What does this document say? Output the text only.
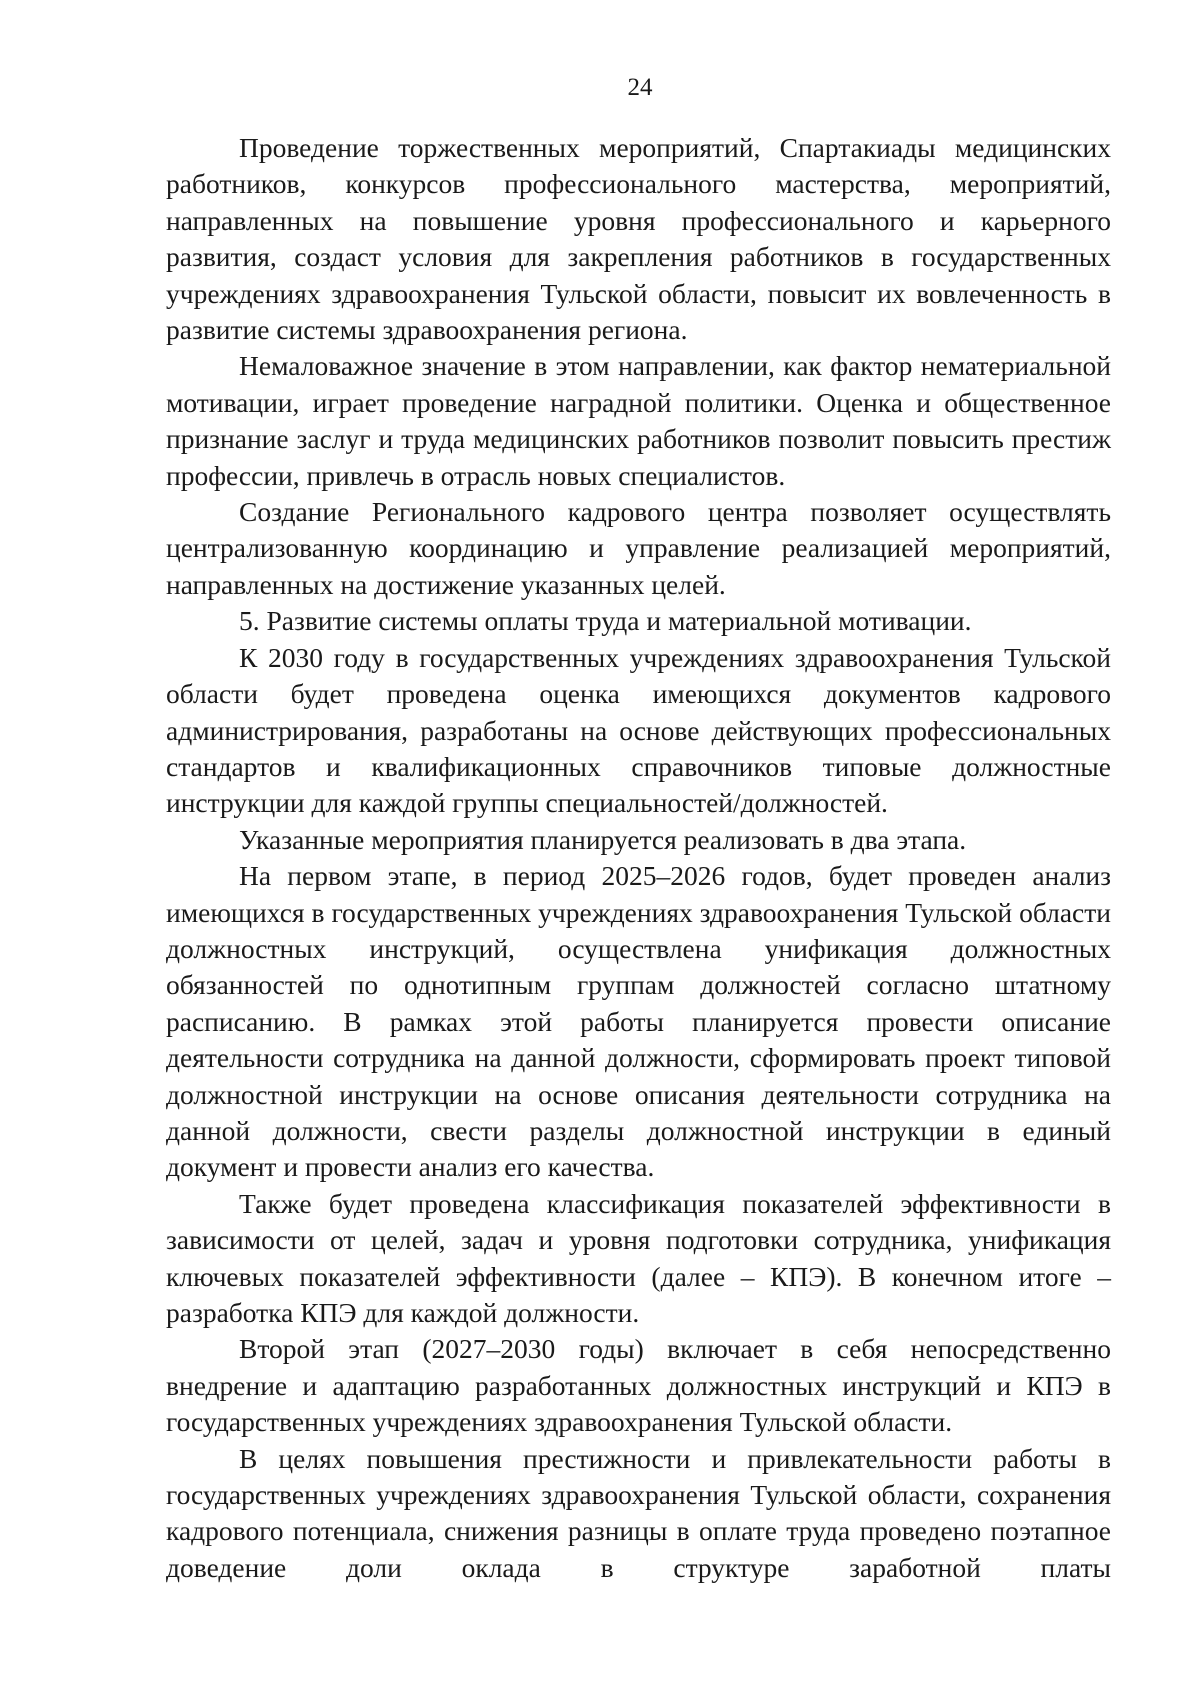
24

Проведение торжественных мероприятий, Спартакиады медицинских работников, конкурсов профессионального мастерства, мероприятий, направленных на повышение уровня профессионального и карьерного развития, создаст условия для закрепления работников в государственных учреждениях здравоохранения Тульской области, повысит их вовлеченность в развитие системы здравоохранения региона.

Немаловажное значение в этом направлении, как фактор нематериальной мотивации, играет проведение наградной политики. Оценка и общественное признание заслуг и труда медицинских работников позволит повысить престиж профессии, привлечь в отрасль новых специалистов.

Создание Регионального кадрового центра позволяет осуществлять централизованную координацию и управление реализацией мероприятий, направленных на достижение указанных целей.

5. Развитие системы оплаты труда и материальной мотивации.

К 2030 году в государственных учреждениях здравоохранения Тульской области будет проведена оценка имеющихся документов кадрового администрирования, разработаны на основе действующих профессиональных стандартов и квалификационных справочников типовые должностные инструкции для каждой группы специальностей/должностей.

Указанные мероприятия планируется реализовать в два этапа.

На первом этапе, в период 2025–2026 годов, будет проведен анализ имеющихся в государственных учреждениях здравоохранения Тульской области должностных инструкций, осуществлена унификация должностных обязанностей по однотипным группам должностей согласно штатному расписанию. В рамках этой работы планируется провести описание деятельности сотрудника на данной должности, сформировать проект типовой должностной инструкции на основе описания деятельности сотрудника на данной должности, свести разделы должностной инструкции в единый документ и провести анализ его качества.

Также будет проведена классификация показателей эффективности в зависимости от целей, задач и уровня подготовки сотрудника, унификация ключевых показателей эффективности (далее – КПЭ). В конечном итоге – разработка КПЭ для каждой должности.

Второй этап (2027–2030 годы) включает в себя непосредственно внедрение и адаптацию разработанных должностных инструкций и КПЭ в государственных учреждениях здравоохранения Тульской области.

В целях повышения престижности и привлекательности работы в государственных учреждениях здравоохранения Тульской области, сохранения кадрового потенциала, снижения разницы в оплате труда проведено поэтапное доведение доли оклада в структуре заработной платы
